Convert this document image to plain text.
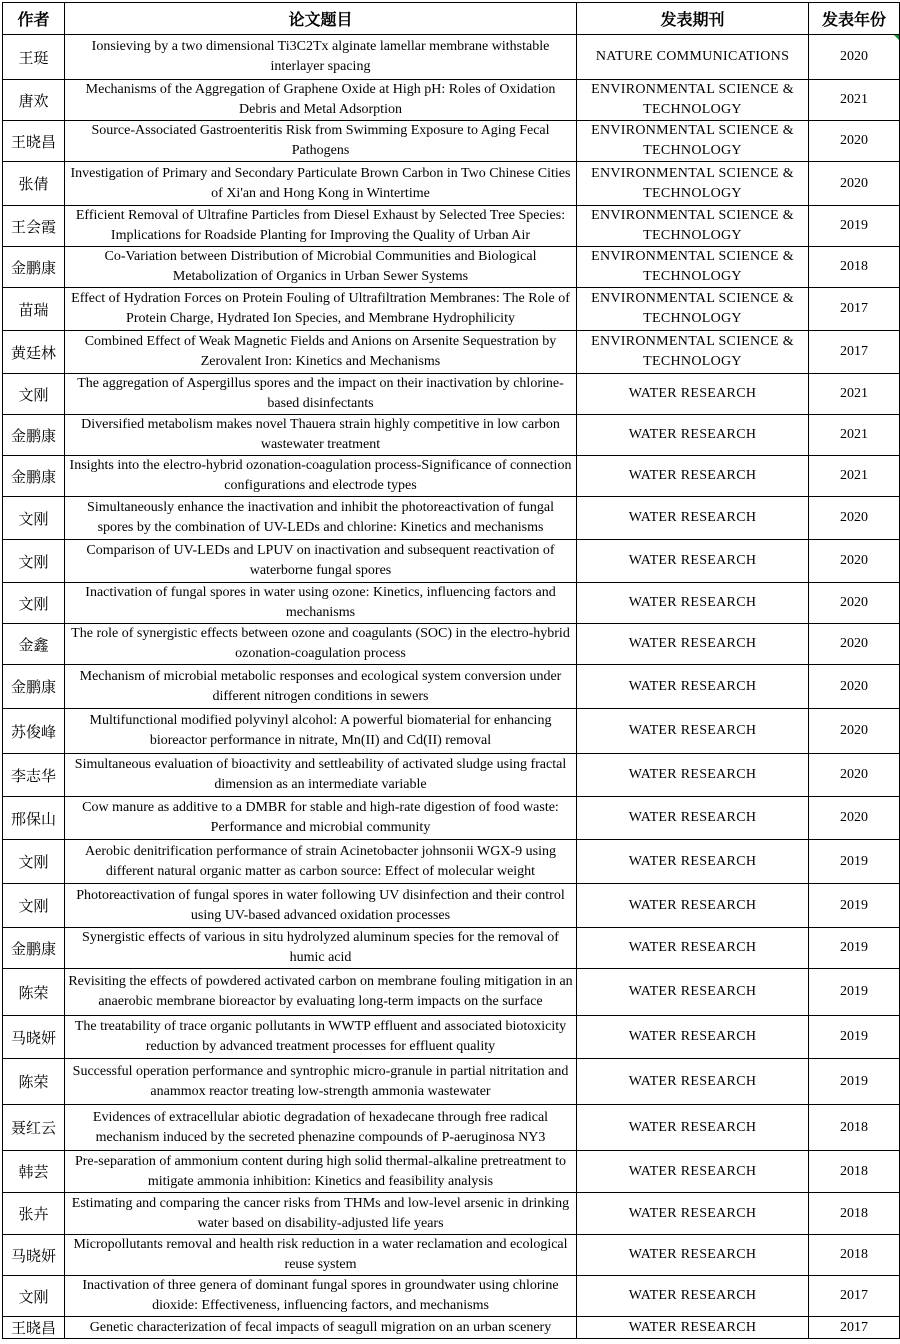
作者	论文题目	发表期刊	发表年份
王珽	Ionsieving by a two dimensional Ti3C2Tx alginate lamellar membrane withstable interlayer spacing	NATURE COMMUNICATIONS	2020

唐欢	Mechanisms of the Aggregation of Graphene Oxide at High pH: Roles of Oxidation Debris and Metal Adsorption	ENVIRONMENTAL SCIENCE & TECHNOLOGY	2021
王晓昌	Source-Associated Gastroenteritis Risk from Swimming Exposure to Aging Fecal Pathogens	ENVIRONMENTAL SCIENCE & TECHNOLOGY	2020
张倩	Investigation of Primary and Secondary Particulate Brown Carbon in Two Chinese Cities of Xi'an and Hong Kong in Wintertime	ENVIRONMENTAL SCIENCE & TECHNOLOGY	2020
王会霞	Efficient Removal of Ultrafine Particles from Diesel Exhaust by Selected Tree Species: Implications for Roadside Planting for Improving the Quality of Urban Air	ENVIRONMENTAL SCIENCE & TECHNOLOGY	2019
金鹏康	Co-Variation between Distribution of Microbial Communities and Biological Metabolization of Organics in Urban Sewer Systems	ENVIRONMENTAL SCIENCE & TECHNOLOGY	2018
苗瑞	Effect of Hydration Forces on Protein Fouling of Ultrafiltration Membranes: The Role of Protein Charge, Hydrated Ion Species, and Membrane Hydrophilicity	ENVIRONMENTAL SCIENCE & TECHNOLOGY	2017
黄廷林	Combined Effect of Weak Magnetic Fields and Anions on Arsenite Sequestration by Zerovalent Iron: Kinetics and Mechanisms	ENVIRONMENTAL SCIENCE & TECHNOLOGY	2017
文刚	The aggregation of Aspergillus spores and the impact on their inactivation by chlorine-based disinfectants	WATER RESEARCH	2021
金鹏康	Diversified metabolism makes novel Thauera strain highly competitive in low carbon wastewater treatment	WATER RESEARCH	2021
金鹏康	Insights into the electro-hybrid ozonation-coagulation process-Significance of connection configurations and electrode types	WATER RESEARCH	2021
文刚	Simultaneously enhance the inactivation and inhibit the photoreactivation of fungal spores by the combination of UV-LEDs and chlorine: Kinetics and mechanisms	WATER RESEARCH	2020
文刚	Comparison of UV-LEDs and LPUV on inactivation and subsequent reactivation of waterborne fungal spores	WATER RESEARCH	2020
文刚	Inactivation of fungal spores in water using ozone: Kinetics, influencing factors and mechanisms	WATER RESEARCH	2020
金鑫	The role of synergistic effects between ozone and coagulants (SOC) in the electro-hybrid ozonation-coagulation process	WATER RESEARCH	2020
金鹏康	Mechanism of microbial metabolic responses and ecological system conversion under different nitrogen conditions in sewers	WATER RESEARCH	2020
苏俊峰	Multifunctional modified polyvinyl alcohol: A powerful biomaterial for enhancing bioreactor performance in nitrate, Mn(II) and Cd(II) removal	WATER RESEARCH	2020
李志华	Simultaneous evaluation of bioactivity and settleability of activated sludge using fractal dimension as an intermediate variable	WATER RESEARCH	2020
邢保山	Cow manure as additive to a DMBR for stable and high-rate digestion of food waste: Performance and microbial community	WATER RESEARCH	2020
文刚	Aerobic denitrification performance of strain Acinetobacter johnsonii WGX-9 using different natural organic matter as carbon source: Effect of molecular weight	WATER RESEARCH	2019
文刚	Photoreactivation of fungal spores in water following UV disinfection and their control using UV-based advanced oxidation processes	WATER RESEARCH	2019
金鹏康	Synergistic effects of various in situ hydrolyzed aluminum species for the removal of humic acid	WATER RESEARCH	2019
陈荣	Revisiting the effects of powdered activated carbon on membrane fouling mitigation in an anaerobic membrane bioreactor by evaluating long-term impacts on the surface	WATER RESEARCH	2019
马晓妍	The treatability of trace organic pollutants in WWTP effluent and associated biotoxicity reduction by advanced treatment processes for effluent quality	WATER RESEARCH	2019
陈荣	Successful operation performance and syntrophic micro-granule in partial nitritation and anammox reactor treating low-strength ammonia wastewater	WATER RESEARCH	2019
聂红云	Evidences of extracellular abiotic degradation of hexadecane through free radical mechanism induced by the secreted phenazine compounds of P-aeruginosa NY3	WATER RESEARCH	2018
韩芸	Pre-separation of ammonium content during high solid thermal-alkaline pretreatment to mitigate ammonia inhibition: Kinetics and feasibility analysis	WATER RESEARCH	2018
张卉	Estimating and comparing the cancer risks from THMs and low-level arsenic in drinking water based on disability-adjusted life years	WATER RESEARCH	2018
马晓妍	Micropollutants removal and health risk reduction in a water reclamation and ecological reuse system	WATER RESEARCH	2018
文刚	Inactivation of three genera of dominant fungal spores in groundwater using chlorine dioxide: Effectiveness, influencing factors, and mechanisms	WATER RESEARCH	2017
王晓昌	Genetic characterization of fecal impacts of seagull migration on an urban scenery	WATER RESEARCH	2017
